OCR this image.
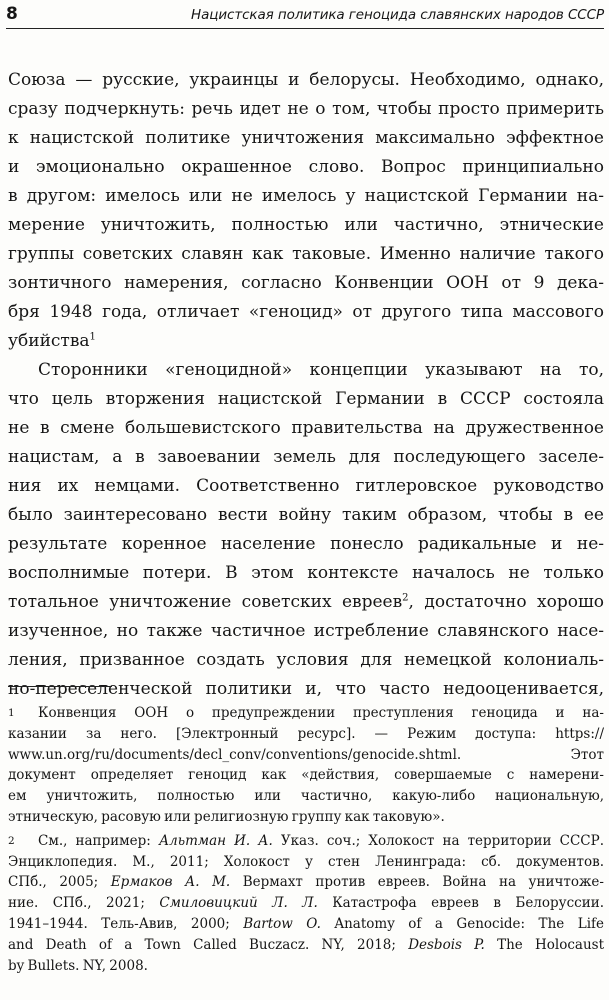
8	Нацистская политика геноцида славянских народов СССР
Союза — русские, украинцы и белорусы. Необходимо, однако,
сразу подчеркнуть: речь идет не о том, чтобы просто примерить
к нацистской политике уничтожения максимально эффектное
и эмоционально окрашенное слово. Вопрос принципиально
в другом: имелось или не имелось у нацистской Германии на-
мерение уничтожить, полностью или частично, этнические
группы советских славян как таковые. Именно наличие такого
зонтичного намерения, согласно Конвенции ООН от 9 дека-
бря 1948 года, отличает «геноцид» от другого типа массового
убийства$^1$
Сторонники «геноцидной» концепции указывают на то,
что цель вторжения нацистской Германии в СССР состояла
не в смене большевистского правительства на дружественное
нацистам, а в завоевании земель для последующего заселе-
ния их немцами. Соответственно гитлеровское руководство
было заинтересовано вести войну таким образом, чтобы в ее
результате коренное население понесло радикальные и не-
восполнимые потери. В этом контексте началось не только
тотальное уничтожение советских евреев$^2$, достаточно хорошо
изученное, но также частичное истребление славянского насе-
ления, призванное создать условия для немецкой колониаль-
но-переселенческой политики и, что часто недооценивается,
1 Конвенция ООН о предупреждении преступления геноцида и на-
казании за него. [Электронный ресурс]. — Режим доступа: https://
www.un.org/ru/documents/decl_conv/conventions/genocide.shtml. Этот
документ определяет геноцид как «действия, совершаемые с намерени-
ем уничтожить, полностью или частично, какую-либо национальную,
этническую, расовую или религиозную группу как таковую».
2 См., например: Альтман И. А. Указ. соч.; Холокост на территории СССР.
Энциклопедия. М., 2011; Холокост у стен Ленинграда: сб. документов.
СПб., 2005; Ермаков А. М. Вермахт против евреев. Война на уничтоже-
ние. СПб., 2021; Смиловицкий Л. Л. Катастрофа евреев в Белоруссии.
1941–1944. Тель-Авив, 2000; Bartow O. Anatomy of a Genocide: The Life
and Death of a Town Called Buczacz. NY, 2018; Desbois P. The Holocaust
by Bullets. NY, 2008.
